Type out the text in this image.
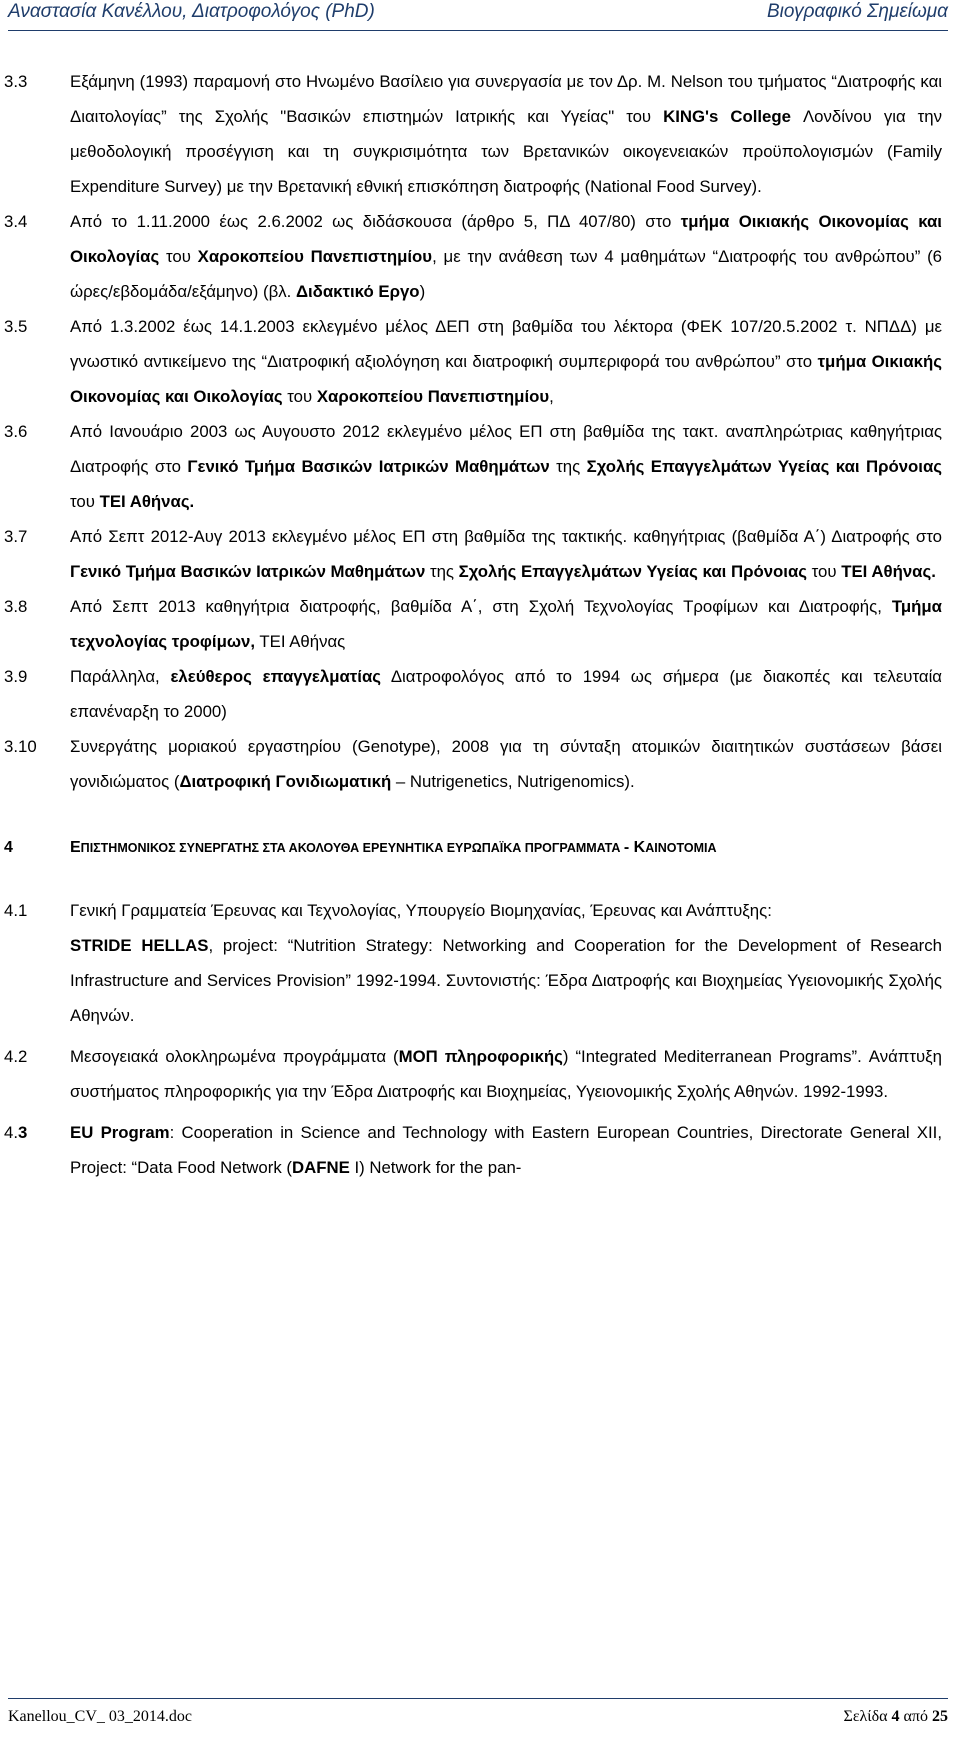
Αναστασία Κανέλλου, Διατροφολόγος (PhD)	Βιογραφικό Σημείωμα
3.3	Εξάμηνη (1993) παραμονή στο Ηνωμένο Βασίλειο για συνεργασία με τον Δρ. Μ. Nelson του τμήματος “Διατροφής και Διαιτολογίας” της Σχολής "Βασικών επιστημών Ιατρικής και Υγείας" του KING's College Λονδίνου για την μεθοδολογική προσέγγιση και τη συγκρισιμότητα των Βρετανικών οικογενειακών προϋπολογισμών (Family Expenditure Survey) με την Βρετανική εθνική επισκόπηση διατροφής (National Food Survey).

3.4	Από το 1.11.2000 έως 2.6.2002 ως διδάσκουσα (άρθρο 5, ΠΔ 407/80) στο τμήμα Οικιακής Οικονομίας και Οικολογίας του Χαροκοπείου Πανεπιστημίου, με την ανάθεση των 4 μαθημάτων “Διατροφής του ανθρώπου” (6 ώρες/εβδομάδα/εξάμηνο) (βλ. Διδακτικό Εργο)

3.5	Από 1.3.2002 έως 14.1.2003 εκλεγμένο μέλος ΔΕΠ στη βαθμίδα του λέκτορα (ΦΕΚ 107/20.5.2002 τ. ΝΠΔΔ) με γνωστικό αντικείμενο της “Διατροφική αξιολόγηση και διατροφική συμπεριφορά του ανθρώπου” στο τμήμα Οικιακής Οικονομίας και Οικολογίας του Χαροκοπείου Πανεπιστημίου,

3.6	Από Ιανουάριο 2003 ως Αυγουστο 2012 εκλεγμένο μέλος ΕΠ στη βαθμίδα της τακτ. αναπληρώτριας καθηγήτριας Διατροφής στο Γενικό Τμήμα Βασικών Ιατρικών Μαθημάτων της Σχολής Επαγγελμάτων Υγείας και Πρόνοιας του ΤΕΙ Αθήνας.

3.7	Από Σεπτ 2012-Αυγ 2013 εκλεγμένο μέλος ΕΠ στη βαθμίδα της τακτικής. καθηγήτριας (βαθμίδα Α΄) Διατροφής στο Γενικό Τμήμα Βασικών Ιατρικών Μαθημάτων της Σχολής Επαγγελμάτων Υγείας και Πρόνοιας του ΤΕΙ Αθήνας.

3.8	Από Σεπτ 2013 καθηγήτρια διατροφής, βαθμίδα Α΄, στη Σχολή Τεχνολογίας Τροφίμων και Διατροφής, Τμήμα τεχνολογίας τροφίμων, ΤΕΙ Αθήνας

3.9	Παράλληλα, ελεύθερος επαγγελματίας Διατροφολόγος από το 1994 ως σήμερα (με διακοπές και τελευταία επανέναρξη το 2000)

3.10	Συνεργάτης μοριακού εργαστηρίου (Genotype), 2008 για τη σύνταξη ατομικών διαιτητικών συστάσεων βάσει γονιδιώματος (Διατροφική Γονιδιωματική – Nutrigenetics, Nutrigenomics).

4	ΕΠΙΣΤΗΜΟΝΙΚΟΣ ΣΥΝΕΡΓΑΤΗΣ ΣΤΑ ΑΚΟΛΟΥΘΑ ΕΡΕΥΝΗΤΙΚΑ ΕΥΡΩΠΑΪΚΑ ΠΡΟΓΡΑΜΜΑΤΑ - ΚΑΙΝΟΤΟΜΙΑ
4.1	Γενική Γραμματεία Έρευνας και Τεχνολογίας, Υπουργείο Βιομηχανίας, Έρευνας και Ανάπτυξης:
STRIDE HELLAS, project: “Nutrition Strategy: Networking and Cooperation for the Development of Research Infrastructure and Services Provision” 1992-1994. Συντονιστής: Έδρα Διατροφής και Βιοχημείας Υγειονομικής Σχολής Αθηνών.

4.2	Μεσογειακά ολοκληρωμένα προγράμματα (ΜΟΠ πληροφορικής) “Integrated Mediterranean Programs”. Ανάπτυξη συστήματος πληροφορικής για την Έδρα Διατροφής και Βιοχημείας, Υγειονομικής Σχολής Αθηνών. 1992-1993.

4.3	EU Program: Cooperation in Science and Technology with Eastern European Countries, Directorate General XII, Project: “Data Food Network (DAFNE I) Network for the pan-

Kanellou_CV_ 03_2014.doc	Σελίδα 4 από 25
